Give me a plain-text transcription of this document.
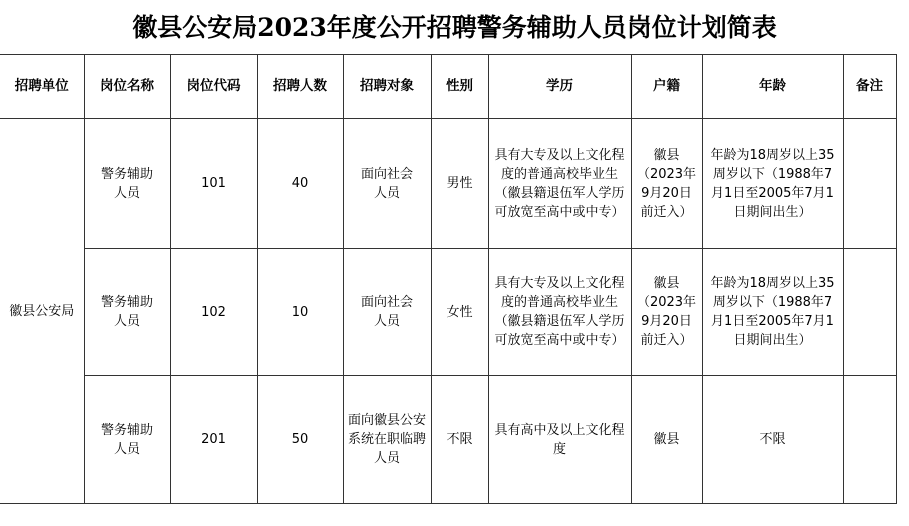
徽县公安局2023年度公开招聘警务辅助人员岗位计划简表
招聘单位	岗位名称	岗位代码	招聘人数	招聘对象	性别	学历	户籍	年龄	备注
徽县公安局	警务辅助人员	101	40	面向社会人员	男性	具有大专及以上文化程度的普通高校毕业生（徽县籍退伍军人学历可放宽至高中或中专）	徽县（2023年9月20日前迁入）	年龄为18周岁以上35周岁以下（1988年7月1日至2005年7月1日期间出生）	
	警务辅助人员	102	10	面向社会人员	女性	具有大专及以上文化程度的普通高校毕业生（徽县籍退伍军人学历可放宽至高中或中专）	徽县（2023年9月20日前迁入）	年龄为18周岁以上35周岁以下（1988年7月1日至2005年7月1日期间出生）	
	警务辅助人员	201	50	面向徽县公安系统在职临聘人员	不限	具有高中及以上文化程度	徽县	不限	
